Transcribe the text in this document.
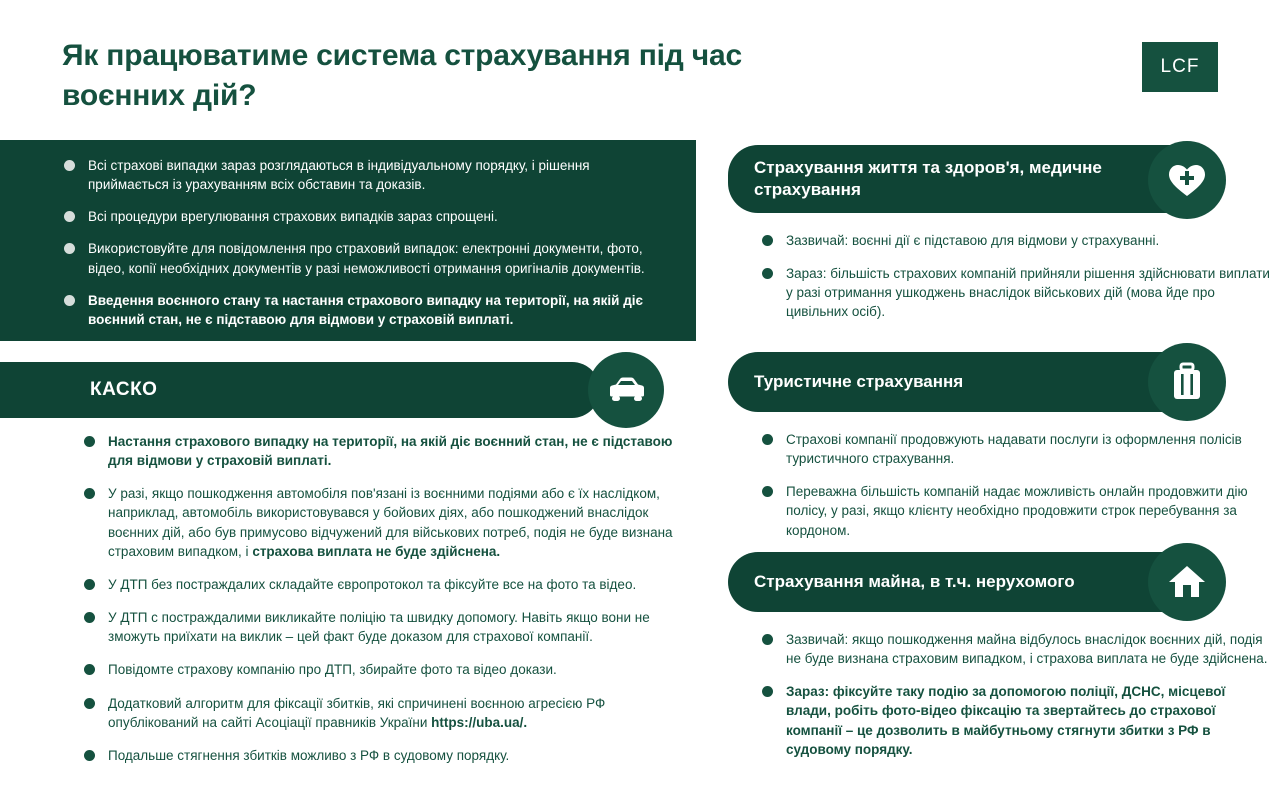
Як працюватиме система страхування під час воєнних дій?
LCF
Всі страхові випадки зараз розглядаються в індивідуальному порядку, і рішення приймається із урахуванням всіх обставин та доказів.
Всі процедури врегулювання страхових випадків зараз спрощені.
Використовуйте для повідомлення про страховий випадок: електронні документи, фото, відео, копії необхідних документів у разі неможливості отримання оригіналів документів.
Введення воєнного стану та настання страхового випадку на території, на якій діє воєнний стан, не є підставою для відмови у страховій виплаті.
КАСКО
Настання страхового випадку на території, на якій діє воєнний стан, не є підставою для відмови у страховій виплаті.
У разі, якщо пошкодження автомобіля пов'язані із воєнними подіями або є їх наслідком, наприклад, автомобіль використовувався у бойових діях, або пошкоджений внаслідок воєнних дій, або був примусово відчужений для військових потреб, подія не буде визнана страховим випадком, і страхова виплата не буде здійснена.
У ДТП без постраждалих складайте європротокол та фіксуйте все на фото та відео.
У ДТП с постраждалими викликайте поліцію та швидку допомогу. Навіть якщо вони не зможуть приїхати на виклик – цей факт буде доказом для страхової компанії.
Повідомте страхову компанію про ДТП, збирайте фото та відео докази.
Додатковий алгоритм для фіксації збитків, які спричинені воєнною агресією РФ опублікований на сайті Асоціації правників України https://uba.ua/.
Подальше стягнення збитків можливо з РФ в судовому порядку.
Страхування життя та здоров'я, медичне страхування
Зазвичай: воєнні дії є підставою для відмови у страхуванні.
Зараз: більшість страхових компаній прийняли рішення здійснювати виплати у разі отримання ушкоджень внаслідок військових дій (мова йде про цивільних осіб).
Туристичне страхування
Страхові компанії продовжують надавати послуги із оформлення полісів туристичного страхування.
Переважна більшість компаній надає можливість онлайн продовжити дію полісу, у разі, якщо клієнту необхідно продовжити строк перебування за кордоном.
Страхування майна, в т.ч. нерухомого
Зазвичай: якщо пошкодження майна відбулось внаслідок воєнних дій, подія не буде визнана страховим випадком, і страхова виплата не буде здійснена.
Зараз: фіксуйте таку подію за допомогою поліції, ДСНС, місцевої влади, робіть фото-відео фіксацію та звертайтесь до страхової компанії – це дозволить в майбутньому стягнути збитки з РФ в судовому порядку.
